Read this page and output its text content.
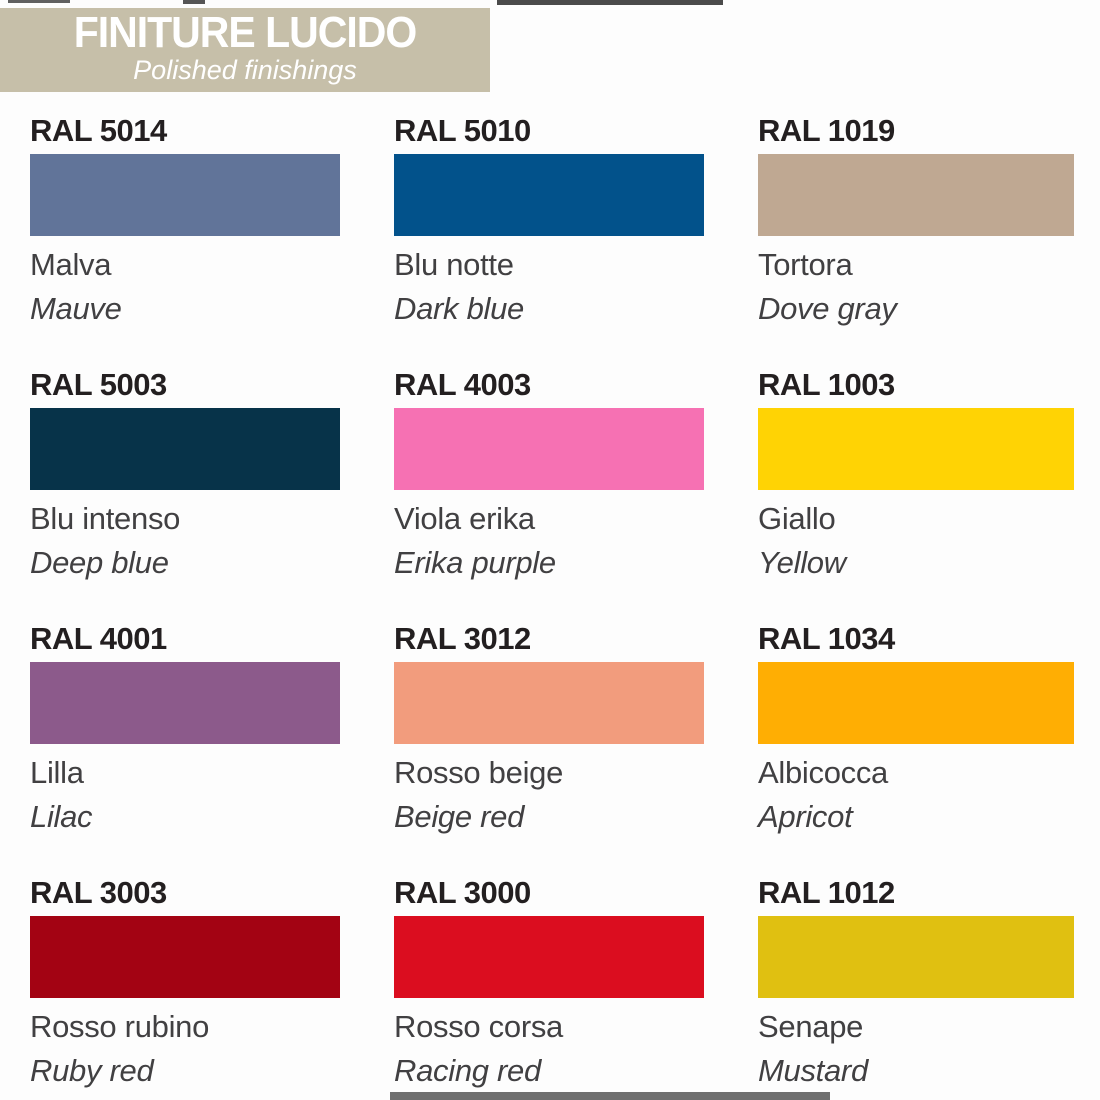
FINITURE LUCIDO
Polished finishings
RAL 5014
Malva
Mauve
RAL 5010
Blu notte
Dark blue
RAL 1019
Tortora
Dove gray
RAL 5003
Blu intenso
Deep blue
RAL 4003
Viola erika
Erika purple
RAL 1003
Giallo
Yellow
RAL 4001
Lilla
Lilac
RAL 3012
Rosso beige
Beige red
RAL 1034
Albicocca
Apricot
RAL 3003
Rosso rubino
Ruby red
RAL 3000
Rosso corsa
Racing red
RAL 1012
Senape
Mustard
